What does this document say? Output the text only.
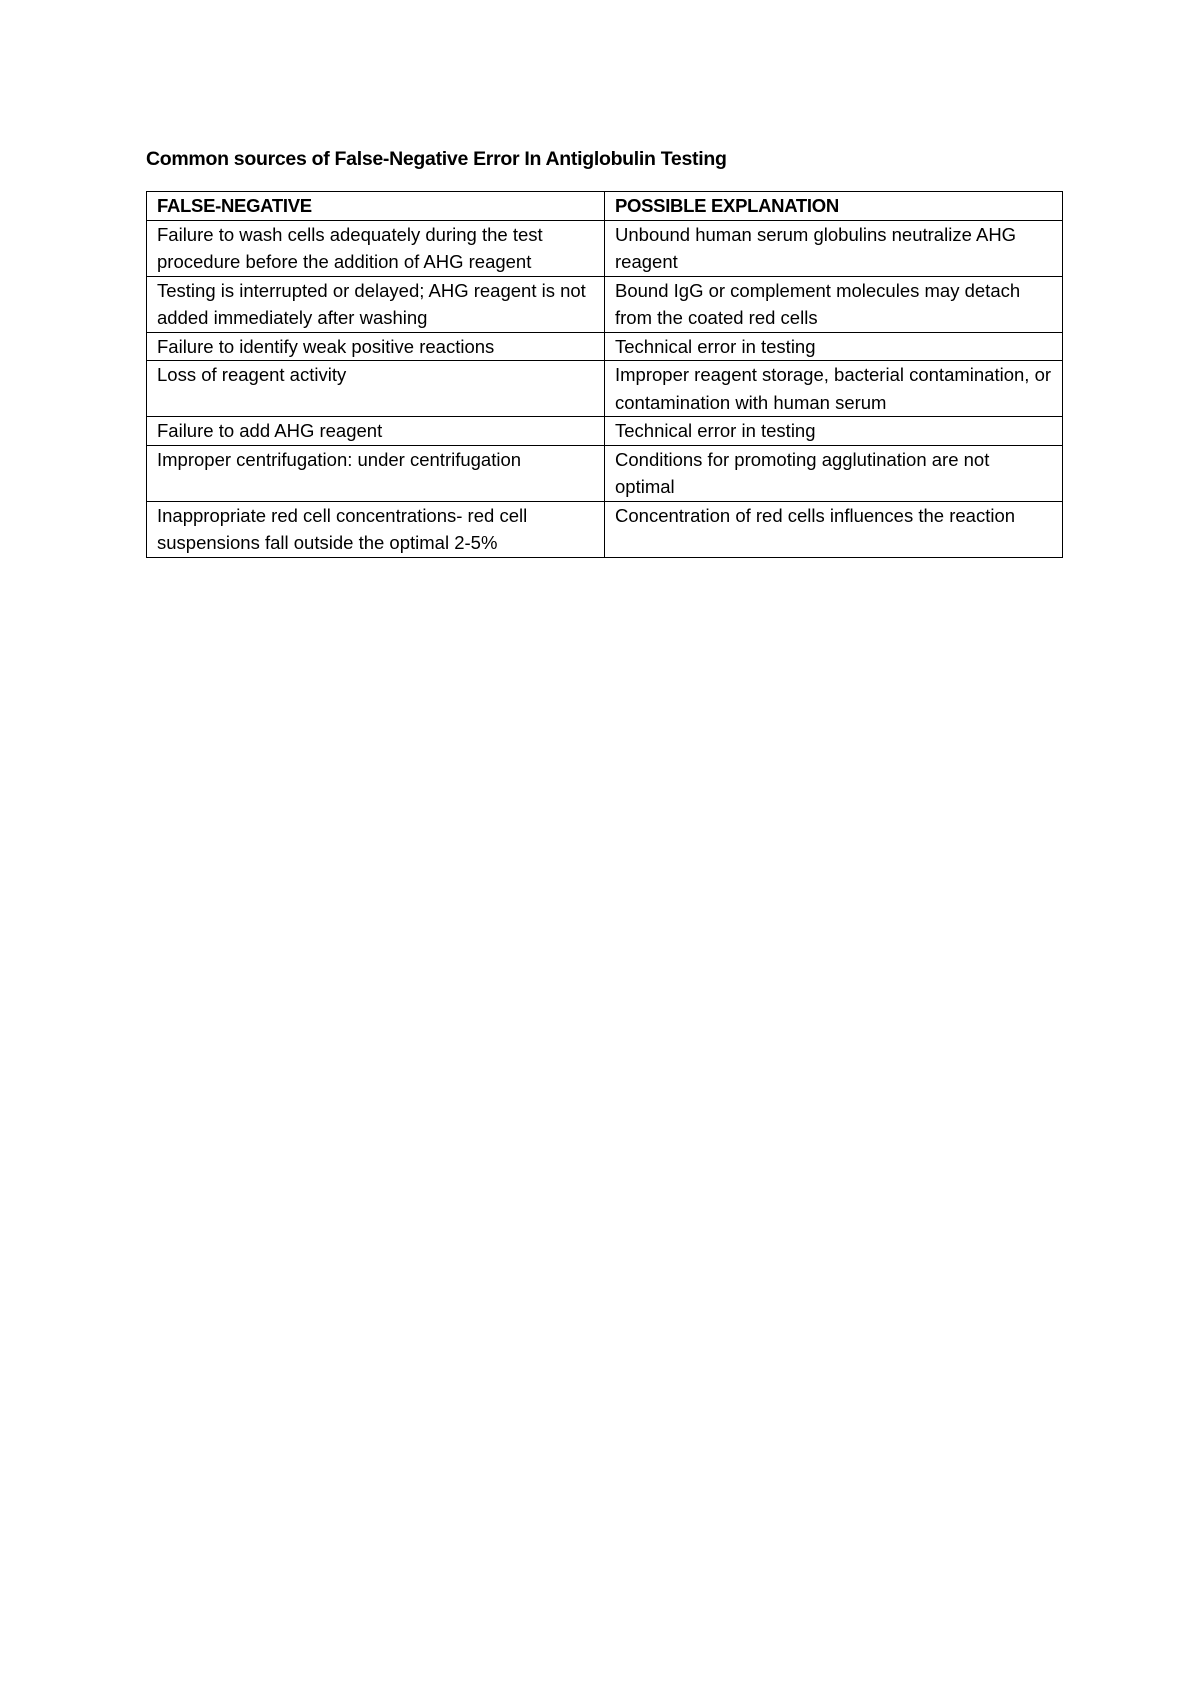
Common sources of False-Negative Error In Antiglobulin Testing
FALSE-NEGATIVE	POSSIBLE EXPLANATION
Failure to wash cells adequately during the test procedure before the addition of AHG reagent	Unbound human serum globulins neutralize AHG reagent
Testing is interrupted or delayed; AHG reagent is not added immediately after washing	Bound IgG or complement molecules may detach from the coated red cells
Failure to identify weak positive reactions	Technical error in testing
Loss of reagent activity	Improper reagent storage, bacterial contamination, or contamination with human serum
Failure to add AHG reagent	Technical error in testing
Improper centrifugation: under centrifugation	Conditions for promoting agglutination are not optimal
Inappropriate red cell concentrations- red cell suspensions fall outside the optimal 2-5%	Concentration of red cells influences the reaction
